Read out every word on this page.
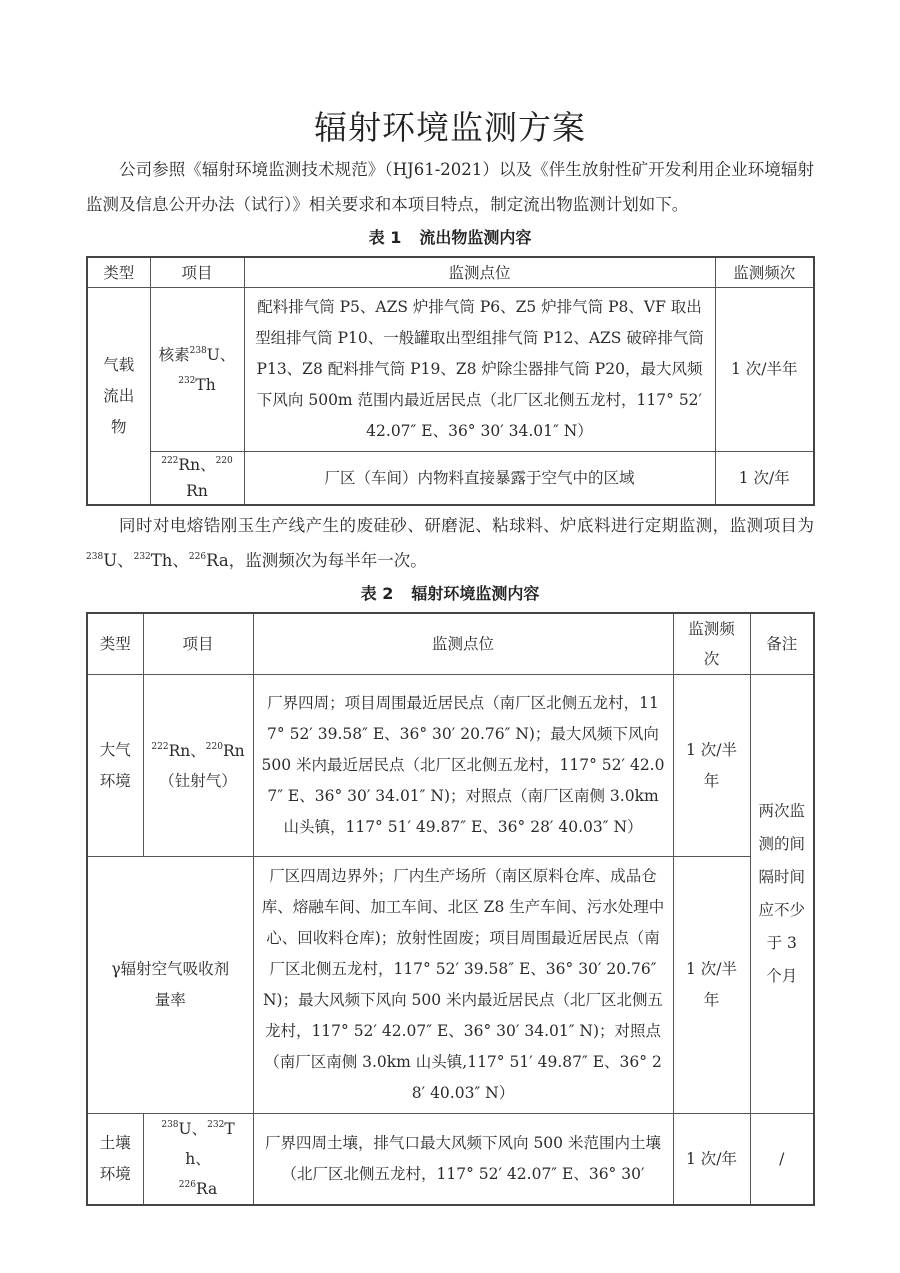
辐射环境监测方案

公司参照《辐射环境监测技术规范》（HJ61-2021）以及《伴生放射性矿开发利用企业环境辐射监测及信息公开办法（试行）》相关要求和本项目特点，制定流出物监测计划如下。

表 1 流出物监测内容
类型	项目	监测点位	监测频次
气载流出物	核素$^{238}$U、
$^{232}$Th	配料排气筒 P5、AZS 炉排气筒 P6、Z5 炉排气筒 P8、VF 取出型组排气筒 P10、一般罐取出型组排气筒 P12、AZS 破碎排气筒 P13、Z8 配料排气筒 P19、Z8 炉除尘器排气筒 P20，最大风频下风向 500m 范围内最近居民点（北厂区北侧五龙村，117° 52′ 42.07″ E、36° 30′ 34.01″ N）	1 次/半年
	$^{222}$Rn、$^{220}$Rn	厂区（车间）内物料直接暴露于空气中的区域	1 次/年

同时对电熔锆刚玉生产线产生的废硅砂、研磨泥、粘球料、炉底料进行定期监测，监测项目为$^{238}$U、$^{232}$Th、$^{226}$Ra，监测频次为每半年一次。

表 2 辐射环境监测内容
类型	项目	监测点位	监测频次	备注
大气环境	$^{222}$Rn、$^{220}$Rn（钍射气）	厂界四周；项目周围最近居民点（南厂区北侧五龙村，117° 52′ 39.58″ E、36° 30′ 20.76″ N)；最大风频下风向 500 米内最近居民点（北厂区北侧五龙村，117° 52′ 42.07″ E、36° 30′ 34.01″ N)；对照点（南厂区南侧 3.0km 山头镇，117° 51′ 49.87″ E、36° 28′ 40.03″ N）	1 次/半年	两次监测的间隔时间应不少于 3 个月
γ辐射空气吸收剂量率		厂区四周边界外；厂内生产场所（南区原料仓库、成品仓库、熔融车间、加工车间、北区 Z8 生产车间、污水处理中心、回收料仓库)；放射性固废；项目周围最近居民点（南厂区北侧五龙村，117° 52′ 39.58″ E、36° 30′ 20.76″ N)；最大风频下风向 500 米内最近居民点（北厂区北侧五龙村，117° 52′ 42.07″ E、36° 30′ 34.01″ N)；对照点（南厂区南侧 3.0km 山头镇,117° 51′ 49.87″ E、36° 28′ 40.03″ N）	1 次/半年	
土壤环境	$^{238}$U、$^{232}$Th、
$^{226}$Ra	厂界四周土壤，排气口最大风频下风向 500 米范围内土壤（北厂区北侧五龙村，117° 52′ 42.07″ E、36° 30′	1 次/年	/
